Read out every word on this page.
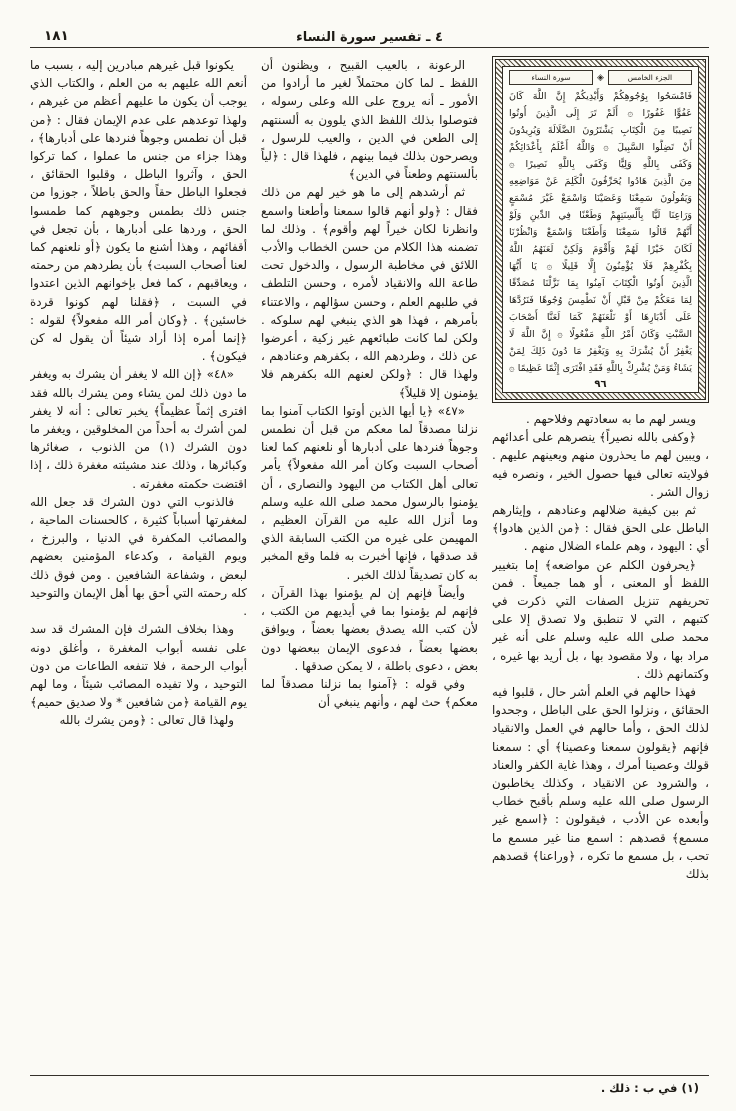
١٨١	٤ ـ تفسير سورة النساء
الجزء الخامس
◈
سورة النساء
فَامْسَحُوا بِوُجُوهِكُمْ وَأَيْدِيكُمْ إِنَّ اللَّهَ كَانَ
عَفُوًّا غَفُورًا ۞ أَلَمْ تَرَ إِلَى الَّذِينَ أُوتُوا
نَصِيبًا مِنَ الْكِتَابِ يَشْتَرُونَ الضَّلَالَةَ وَيُرِيدُونَ
أَنْ تَضِلُّوا السَّبِيلَ ۞ وَاللَّهُ أَعْلَمُ بِأَعْدَائِكُمْ
وَكَفَى بِاللَّهِ وَلِيًّا وَكَفَى بِاللَّهِ نَصِيرًا ۞
مِنَ الَّذِينَ هَادُوا يُحَرِّفُونَ الْكَلِمَ عَنْ مَوَاضِعِهِ
وَيَقُولُونَ سَمِعْنَا وَعَصَيْنَا وَاسْمَعْ غَيْرَ مُسْمَعٍ
وَرَاعِنَا لَيًّا بِأَلْسِنَتِهِمْ وَطَعْنًا فِي الدِّينِ وَلَوْ
أَنَّهُمْ قَالُوا سَمِعْنَا وَأَطَعْنَا وَاسْمَعْ وَانْظُرْنَا
لَكَانَ خَيْرًا لَهُمْ وَأَقْوَمَ وَلَكِنْ لَعَنَهُمُ اللَّهُ
بِكُفْرِهِمْ فَلَا يُؤْمِنُونَ إِلَّا قَلِيلًا ۞ يَا أَيُّهَا
الَّذِينَ أُوتُوا الْكِتَابَ آمِنُوا بِمَا نَزَّلْنَا مُصَدِّقًا
لِمَا مَعَكُمْ مِنْ قَبْلِ أَنْ نَطْمِسَ وُجُوهًا فَنَرُدَّهَا
عَلَى أَدْبَارِهَا أَوْ نَلْعَنَهُمْ كَمَا لَعَنَّا أَصْحَابَ
السَّبْتِ وَكَانَ أَمْرُ اللَّهِ مَفْعُولًا ۞ إِنَّ اللَّهَ لَا
يَغْفِرُ أَنْ يُشْرَكَ بِهِ وَيَغْفِرُ مَا دُونَ ذَلِكَ لِمَنْ
يَشَاءُ وَمَنْ يُشْرِكْ بِاللَّهِ فَقَدِ افْتَرَى إِثْمًا عَظِيمًا ۞
٩٦

ويسر لهم ما به سعادتهم وفلاحهم .

﴿وكفى بالله نصيراً﴾ ينصرهم على أعدائهم ، ويبين لهم ما يحذرون منهم ويعينهم عليهم . فولايته تعالى فيها حصول الخير ، ونصره فيه زوال الشر .

ثم بين كيفية ضلالهم وعنادهم ، وإيثارهم الباطل على الحق فقال : ﴿من الذين هادوا﴾ أي : اليهود ، وهم علماء الضلال منهم .

﴿يحرفون الكلم عن مواضعه﴾ إما بتغيير اللفظ أو المعنى ، أو هما جميعاً . فمن تحريفهم تنزيل الصفات التي ذكرت في كتبهم ، التي لا تنطبق ولا تصدق إلا على محمد صلى الله عليه وسلم على أنه غير مراد بها ، ولا مقصود بها ، بل أريد بها غيره ، وكتمانهم ذلك .

فهذا حالهم في العلم أشر حال ، قلبوا فيه الحقائق ، ونزلوا الحق على الباطل ، وجحدوا لذلك الحق ، وأما حالهم في العمل والانقياد فإنهم ﴿يقولون سمعنا وعصينا﴾ أي : سمعنا قولك وعصينا أمرك ، وهذا غاية الكفر والعناد ، والشرود عن الانقياد ، وكذلك يخاطبون الرسول صلى الله عليه وسلم بأقبح خطاب وأبعده عن الأدب ، فيقولون : ﴿اسمع غير مسمع﴾ قصدهم : اسمع منا غير مسمع ما تحب ، بل مسمع ما تكره ، ﴿وراعنا﴾ قصدهم بذلك

الرعونة ، بالعيب القبيح ، ويظنون أن اللفظ ـ لما كان محتملاً لغير ما أرادوا من الأمور ـ أنه يروج على الله وعلى رسوله ، فتوصلوا بذلك اللفظ الذي يلوون به ألسنتهم إلى الطعن في الدين ، والعيب للرسول ، ويصرحون بذلك فيما بينهم ، فلهذا قال : ﴿لياً بألسنتهم وطعناً في الدين﴾

ثم أرشدهم إلى ما هو خير لهم من ذلك فقال : ﴿ولو أنهم قالوا سمعنا وأطعنا واسمع وانظرنا لكان خيراً لهم وأقوم﴾ . وذلك لما تضمنه هذا الكلام من حسن الخطاب والأدب اللائق في مخاطبة الرسول ، والدخول تحت طاعة الله والانقياد لأمره ، وحسن التلطف في طلبهم العلم ، وحسن سؤالهم ، والاعتناء بأمرهم ، فهذا هو الذي ينبغي لهم سلوكه . ولكن لما كانت طبائعهم غير زكية ، أعرضوا عن ذلك ، وطردهم الله ، بكفرهم وعنادهم ، ولهذا قال : ﴿ولكن لعنهم الله بكفرهم فلا يؤمنون إلا قليلاً﴾

«٤٧» ﴿يا أيها الذين أوتوا الكتاب آمنوا بما نزلنا مصدقاً لما معكم من قبل أن نطمس وجوهاً فنردها على أدبارها أو نلعنهم كما لعنا أصحاب السبت وكان أمر الله مفعولاً﴾ يأمر تعالى أهل الكتاب من اليهود والنصارى ، أن يؤمنوا بالرسول محمد صلى الله عليه وسلم وما أنزل الله عليه من القرآن العظيم ، المهيمن على غيره من الكتب السابقة الذي قد صدقها ، فإنها أخبرت به فلما وقع المخبر به كان تصديقاً لذلك الخبر .

وأيضاً فإنهم إن لم يؤمنوا بهذا القرآن ، فإنهم لم يؤمنوا بما في أيديهم من الكتب ، لأن كتب الله يصدق بعضها بعضاً ، ويوافق بعضها بعضاً ، فدعوى الإيمان ببعضها دون بعض ، دعوى باطلة ، لا يمكن صدقها .

وفي قوله : ﴿آمنوا بما نزلنا مصدقاً لما معكم﴾ حث لهم ، وأنهم ينبغي أن

يكونوا قبل غيرهم مبادرين إليه ، بسبب ما أنعم الله عليهم به من العلم ، والكتاب الذي يوجب أن يكون ما عليهم أعظم من غيرهم ، ولهذا توعدهم على عدم الإيمان فقال : ﴿من قبل أن نطمس وجوهاً فنردها على أدبارها﴾ ، وهذا جزاء من جنس ما عملوا ، كما تركوا الحق ، وآثروا الباطل ، وقلبوا الحقائق ، فجعلوا الباطل حقاً والحق باطلاً ، جوزوا من جنس ذلك بطمس وجوههم كما طمسوا الحق ، وردها على أدبارها ، بأن تجعل في أقفائهم ، وهذا أشنع ما يكون ﴿أو نلعنهم كما لعنا أصحاب السبت﴾ بأن يطردهم من رحمته ، ويعاقبهم ، كما فعل بإخوانهم الذين اعتدوا في السبت ، ﴿فقلنا لهم كونوا قردة خاسئين﴾ . ﴿وكان أمر الله مفعولاً﴾ لقوله : ﴿إنما أمره إذا أراد شيئاً أن يقول له كن فيكون﴾ .

«٤٨» ﴿إن الله لا يغفر أن يشرك به ويغفر ما دون ذلك لمن يشاء ومن يشرك بالله فقد افترى إثماً عظيماً﴾ يخبر تعالى : أنه لا يغفر لمن أشرك به أحداً من المخلوقين ، ويغفر ما دون الشرك (١) من الذنوب ، صغائرها وكبائرها ، وذلك عند مشيئته مغفرة ذلك ، إذا اقتضت حكمته مغفرته .

فالذنوب التي دون الشرك قد جعل الله لمغفرتها أسباباً كثيرة ، كالحسنات الماحية ، والمصائب المكفرة في الدنيا ، والبرزخ ، ويوم القيامة ، وكدعاء المؤمنين بعضهم لبعض ، وشفاعة الشافعين . ومن فوق ذلك كله رحمته التي أحق بها أهل الإيمان والتوحيد .

وهذا بخلاف الشرك فإن المشرك قد سد على نفسه أبواب المغفرة ، وأغلق دونه أبواب الرحمة ، فلا تنفعه الطاعات من دون التوحيد ، ولا تفيده المصائب شيئاً ، وما لهم يوم القيامة ﴿من شافعين * ولا صديق حميم﴾

ولهذا قال تعالى : ﴿ومن يشرك بالله

(١) في ب : ذلك .
